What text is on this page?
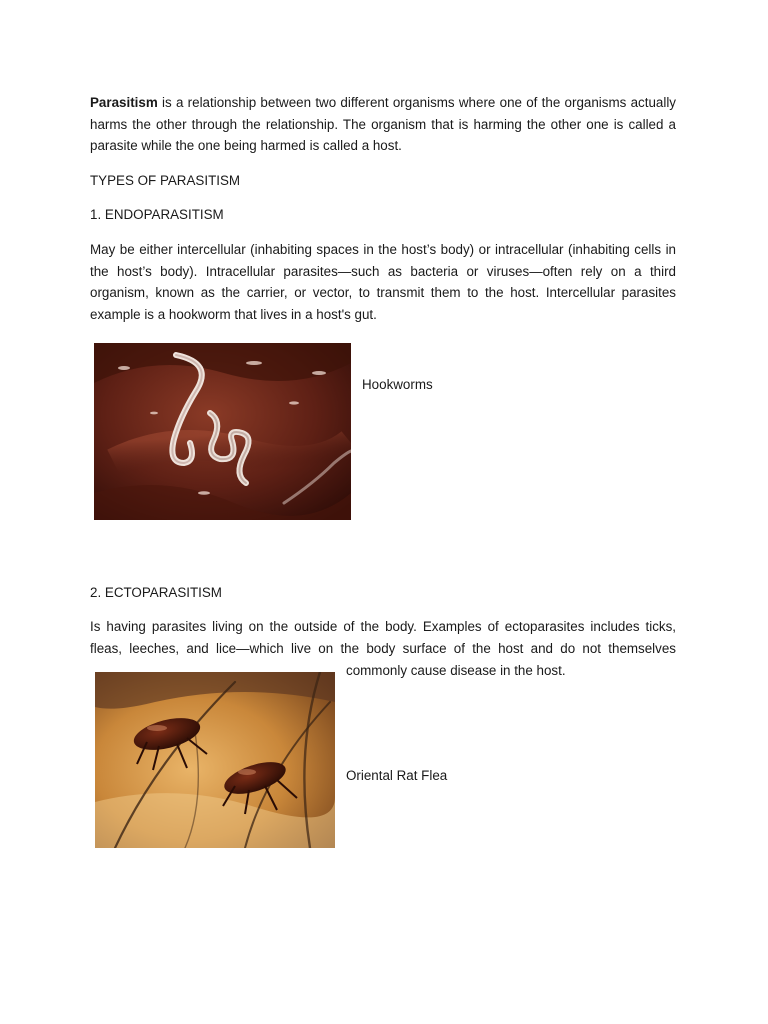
Parasitism is a relationship between two different organisms where one of the organisms actually harms the other through the relationship. The organism that is harming the other one is called a parasite while the one being harmed is called a host.

TYPES OF PARASITISM

1. ENDOPARASITISM

May be either intercellular (inhabiting spaces in the host’s body) or intracellular (inhabiting cells in the host’s body). Intracellular parasites—such as bacteria or viruses—often rely on a third organism, known as the carrier, or vector, to transmit them to the host. Intercellular parasites example is a hookworm that lives in a host's gut.

Hookworms

2. ECTOPARASITISM

Is having parasites living on the outside of the body. Examples of ectoparasites includes ticks,

fleas, leeches, and lice—which live on the body surface of the host and do not themselves

commonly cause disease in the host.

Oriental Rat Flea
